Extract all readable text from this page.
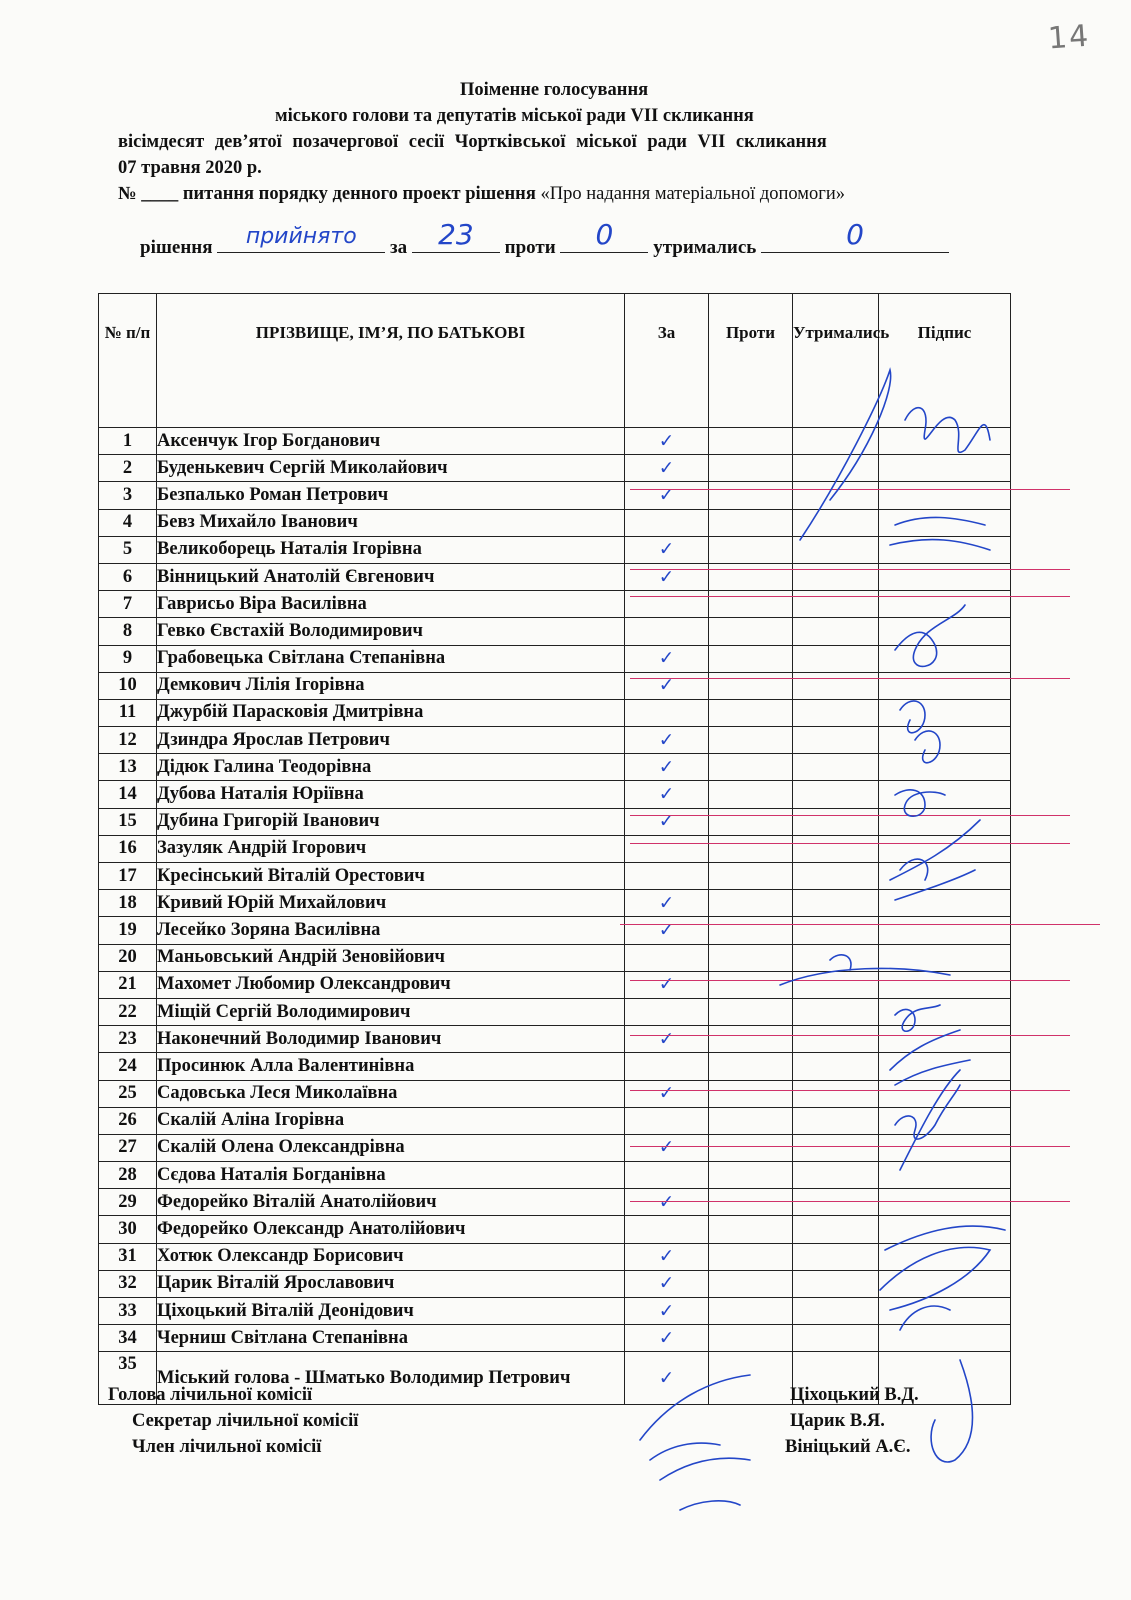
14
Поіменне голосування
міського голови та депутатів міської ради VII скликання
вісімдесят дев’ятої позачергової сесії Чортківської міської ради VII скликання
07 травня 2020 р.
№ ____ питання порядку денного проект рішення «Про надання матеріальної допомоги»
рішення	прийнято	за	23	проти	0	утримались	0
№ п/п	ПРІЗВИЩЕ, ІМ’Я, ПО БАТЬКОВІ	За	Проти	Утримались	Підпис
1	Аксенчук Ігор Богданович	✓			
2	Буденькевич Сергій Миколайович	✓			
3	Безпалько Роман Петрович	✓			
4	Бевз Михайло Іванович				
5	Великоборець Наталія Ігорівна	✓			
6	Вінницький Анатолій Євгенович	✓			
7	Гаврисьо Віра Василівна				
8	Гевко Євстахій Володимирович				
9	Грабовецька Світлана Степанівна	✓			
10	Демкович Лілія Ігорівна	✓			
11	Джурбій Парасковія Дмитрівна				
12	Дзиндра Ярослав Петрович	✓			
13	Дідюк Галина Теодорівна	✓			
14	Дубова Наталія Юріївна	✓			
15	Дубина Григорій Іванович	✓			
16	Зазуляк Андрій Ігорович				
17	Кресінський Віталій Орестович				
18	Кривий Юрій Михайлович	✓			
19	Лесейко Зоряна Василівна	✓			
20	Маньовський Андрій Зеновійович				
21	Махомет Любомир Олександрович	✓			
22	Міщій Сергій Володимирович				
23	Наконечний Володимир Іванович	✓			
24	Просинюк Алла Валентинівна				
25	Садовська Леся Миколаївна	✓			
26	Скалій Аліна Ігорівна				
27	Скалій Олена Олександрівна	✓			
28	Сєдова Наталія Богданівна				
29	Федорейко Віталій Анатолійович	✓			
30	Федорейко Олександр Анатолійович				
31	Хотюк Олександр Борисович	✓			
32	Царик Віталій Ярославович	✓			
33	Ціхоцький Віталій Деонідович	✓			
34	Черниш Світлана Степанівна	✓			
35	Міський голова - Шматько Володимир Петрович	✓			
Голова лічильної комісії
Секретар лічильної комісії
Член лічильної комісії
Ціхоцький В.Д.
Царик В.Я.
Вініцький А.Є.
